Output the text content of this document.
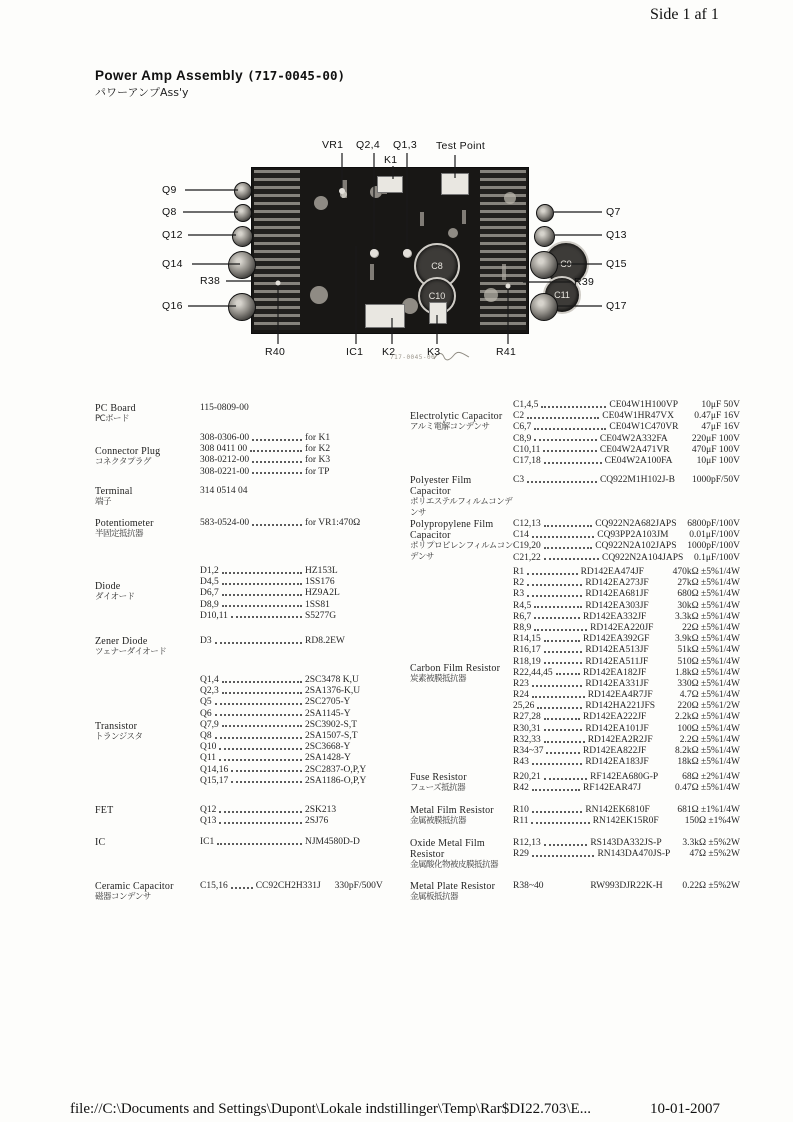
Side 1 af 1
Power Amp Assembly (717-0045-00)
パワーアンプAss'y
C8	C9
C10	C11
717-0045-00
VR1 Q2,4 Q1,3
K1
Test Point
Q9
Q8
Q12
Q14
R38
Q16
Q7
Q13
Q15
R39
Q17
R40	IC1 K2	K3	R41
PC Board
PCボード
115-0809-00
Connector Plug
コネクタプラグ
308-0306-00	for K1
308 0411 00	for K2
308-0212-00	for K3
308-0221-00	for TP
Terminal
端子
314 0514 04
Potentiometer
半固定抵抗器
583-0524-00	for VR1:470Ω
Diode
ダイオード
D1,2	HZ153L
D4,5	1SS176
D6,7	HZ9A2L
D8,9	1SS81
D10,11	S5277G
Zener Diode
ツェナーダイオード
D3	RD8.2EW
Transistor
トランジスタ
Q1,4	2SC3478 K,U
Q2,3	2SA1376-K,U
Q5	2SC2705-Y
Q6	2SA1145-Y
Q7,9	2SC3902-S,T
Q8	2SA1507-S,T
Q10	2SC3668-Y
Q11	2SA1428-Y
Q14,16	2SC2837-O,P,Y
Q15,17	2SA1186-O,P,Y
FET	Q12	2SK213
Q13	2SJ76
IC	IC1	NJM4580D-D
Ceramic Capacitor
磁器コンデンサ
C15,16	CC92CH2H331J 330pF/500V
Electrolytic Capacitor
アルミ電解コンデンサ
C1,4,5	CE04W1H100VP	10μF 50V
C2	CE04W1HR47VX	0.47μF 16V
C6,7	CE04W1C470VR	47μF 16V
C8,9	CE04W2A332FA	220μF 100V
C10,11	CE04W2A471VR	470μF 100V
C17,18	CE04W2A100FA	10μF 100V
Polyester Film
Capacitor
ポリエステルフィルムコンデンサ
C3	CQ922M1H102J-B	1000pF/50V
Polypropylene Film
Capacitor
ポリプロピレンフィルムコンデンサ
C12,13	CQ922N2A682JAPS	6800pF/100V
C14	CQ93PP2A103JM	0.01μF/100V
C19,20	CQ922N2A102JAPS	1000pF/100V
C21,22	CQ922N2A104JAPS	0.1μF/100V
Carbon Film Resistor
炭素被膜抵抗器
R1	RD142EA474JF	470kΩ ±5%1/4W
R2	RD142EA273JF	27kΩ ±5%1/4W
R3	RD142EA681JF	680Ω ±5%1/4W
R4,5	RD142EA303JF	30kΩ ±5%1/4W
R6,7	RD142EA332JF	3.3kΩ ±5%1/4W
R8,9	RD142EA220JF	22Ω ±5%1/4W
R14,15	RD142EA392GF	3.9kΩ ±5%1/4W
R16,17	RD142EA513JF	51kΩ ±5%1/4W
R18,19	RD142EA511JF	510Ω ±5%1/4W
R22,44,45	RD142EA182JF	1.8kΩ ±5%1/4W
R23	RD142EA331JF	330Ω ±5%1/4W
R24	RD142EA4R7JF	4.7Ω ±5%1/4W
25,26	RD142HA221JFS	220Ω ±5%1/2W
R27,28	RD142EA222JF	2.2kΩ ±5%1/4W
R30,31	RD142EA101JF	100Ω ±5%1/4W
R32,33	RD142EA2R2JF	2.2Ω ±5%1/4W
R34~37	RD142EA822JF	8.2kΩ ±5%1/4W
R43	RD142EA183JF	18kΩ ±5%1/4W
Fuse Resistor
フューズ抵抗器
R20,21	RF142EA680G-P	68Ω ±2%1/4W
R42	RF142EAR47J	0.47Ω ±5%1/4W
Metal Film Resistor
金属被膜抵抗器
R10	RN142EK6810F	681Ω ±1%1/4W
R11	RN142EK15R0F	150Ω ±1%4W
Oxide Metal Film
Resistor
金属酸化物被皮膜抵抗器
R12,13	RS143DA332JS-P	3.3kΩ ±5%2W
R29	RN143DA470JS-P	47Ω ±5%2W
Metal Plate Resistor
金属板抵抗器
R38~40	RW993DJR22K-H	0.22Ω ±5%2W
file://C:\Documents and Settings\Dupont\Lokale indstillinger\Temp\Rar$DI22.703\E...	10-01-2007
